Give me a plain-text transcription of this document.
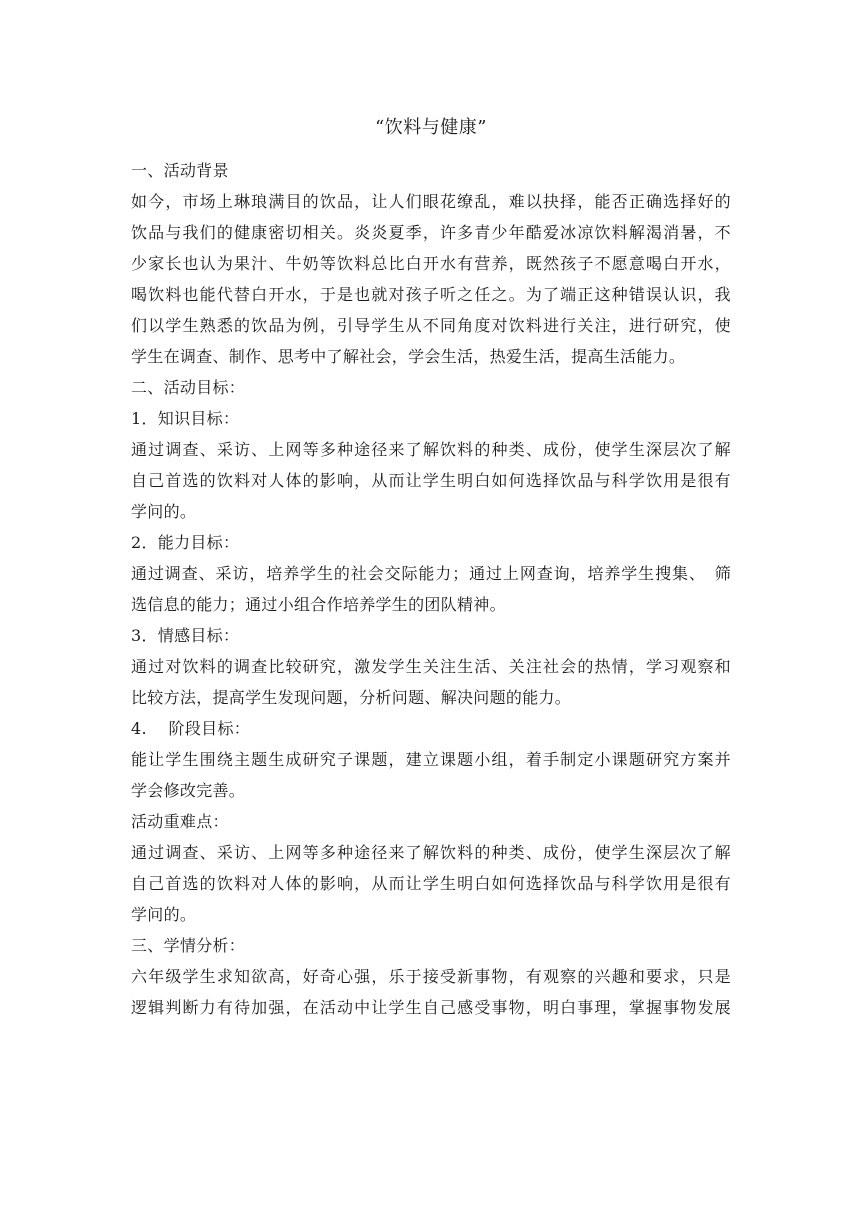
“饮料与健康”
一、活动背景
如今，市场上琳琅满目的饮品，让人们眼花缭乱，难以抉择，能否正确选择好的
饮品与我们的健康密切相关。炎炎夏季，许多青少年酷爱冰凉饮料解渴消暑，不
少家长也认为果汁、牛奶等饮料总比白开水有营养，既然孩子不愿意喝白开水，
喝饮料也能代替白开水，于是也就对孩子听之任之。为了端正这种错误认识，我
们以学生熟悉的饮品为例，引导学生从不同角度对饮料进行关注，进行研究，使
学生在调查、制作、思考中了解社会，学会生活，热爱生活，提高生活能力。
二、活动目标：
1．知识目标：
通过调查、采访、上网等多种途径来了解饮料的种类、成份，使学生深层次了解
自己首选的饮料对人体的影响，从而让学生明白如何选择饮品与科学饮用是很有
学问的。
2．能力目标：
通过调查、采访，培养学生的社会交际能力；通过上网查询，培养学生搜集、　筛
选信息的能力；通过小组合作培养学生的团队精神。
3．情感目标：
通过对饮料的调查比较研究，激发学生关注生活、关注社会的热情，学习观察和
比较方法，提高学生发现问题，分析问题、解决问题的能力。
4.　 阶段目标：
能让学生围绕主题生成研究子课题，建立课题小组，着手制定小课题研究方案并
学会修改完善。
活动重难点：
通过调查、采访、上网等多种途径来了解饮料的种类、成份，使学生深层次了解
自己首选的饮料对人体的影响，从而让学生明白如何选择饮品与科学饮用是很有
学问的。
三、学情分析：
六年级学生求知欲高，好奇心强，乐于接受新事物，有观察的兴趣和要求，只是
逻辑判断力有待加强，在活动中让学生自己感受事物，明白事理，掌握事物发展
